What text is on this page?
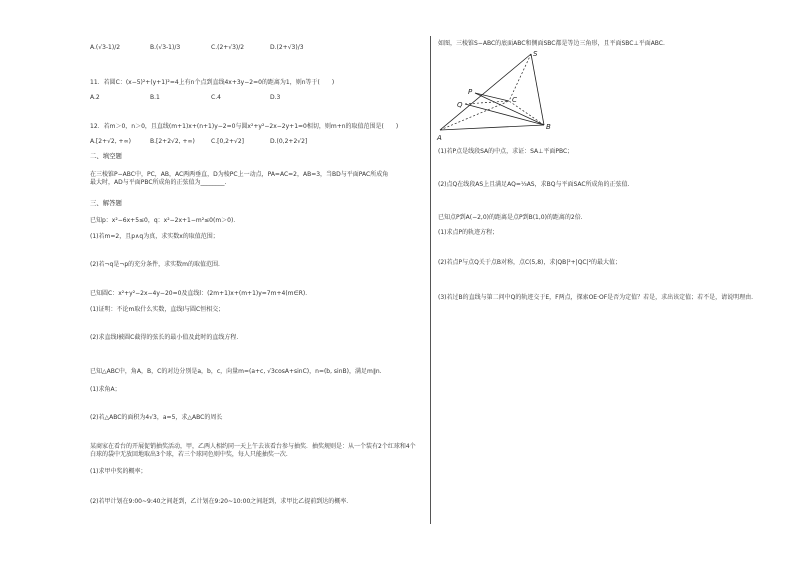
A.(√3-1)/2	B.(√3-1)/3	C.(2+√3)/2	D.(2+√3)/3
11．若圆C：(x−5)²+(y+1)²=4上有n个点到直线4x+3y−2=0的距离为1，则n等于(　　)
A.2	B.1	C.4	D.3
12．若m＞0，n＞0，且直线(m+1)x+(n+1)y−2=0与圆x²+y²−2x−2y+1=0相切，则m+n的取值范围是(　　)
A.[2+√2, +∞)	B.[2+2√2, +∞)	C.[0,2+√2]	D.(0,2+2√2]
二、填空题
在三棱锥P−ABC中，PC，AB，AC两两垂直，D为棱PC上一动点，PA=AC=2，AB=3，当BD与平面PAC所成角最大时，AD与平面PBC所成角的正弦值为________.
三、解答题
已知p：x²−6x+5≤0，q：x²−2x+1−m²≤0(m＞0)．
(1)若m=2，且p∧q为真，求实数x的取值范围；
(2)若¬q是¬p的充分条件，求实数m的取值范围.
已知圆C：x²+y²−2x−4y−20=0及直线l：(2m+1)x+(m+1)y=7m+4(m∈R)．
(1)证明：不论m取什么实数，直线l与圆C恒相交；
(2)求直线l被圆C截得的弦长的最小值及此时的直线方程.
已知△ABC中，角A，B，C的对边分别是a，b，c，向量m=(a+c, √3cosA+sinC)，n=(b, sinB)，满足m∥n.
(1)求角A；
(2)若△ABC的面积为4√3，a=5，求△ABC的周长
某商家在看台的开展促销抽奖活动，甲，乙两人相约同一天上午去该看台参与抽奖．抽奖规则是：从一个装有2个红球和4个白球的袋中无放回地取出3个球，若三个球同色则中奖，每人只能抽奖一次.
(1)求甲中奖的概率；
(2)若甲计划在9:00~9:40之间赶到，乙计划在9:20~10:00之间赶到，求甲比乙提前到达的概率.
如图，三棱锥S−ABC的底面ABC和侧面SBC都是等边三角形，且平面SBC⊥平面ABC.
S
P
Q
C
A
B
(1)若P点是线段SA的中点，求证：SA⊥平面PBC；
(2)点Q在线段AS上且满足AQ=⅓AS，求BQ与平面SAC所成角的正弦值.
已知点P到A(−2,0)的距离是点P到B(1,0)的距离的2倍.
(1)求点P的轨迹方程；
(2)若点P与点Q关于点B对称，点C(5,8)，求|QB|²+|QC|²的最大值；
(3)若过B的直线与第二问中Q的轨迹交于E，F两点，探索OE·OF是否为定值？若是，求出该定值；若不是，请说明理由.
